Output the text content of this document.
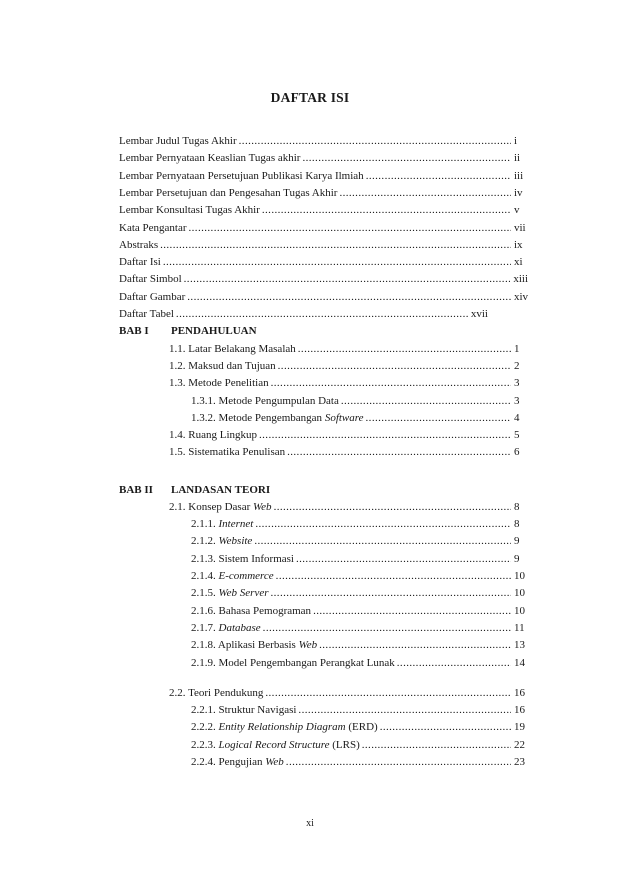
DAFTAR ISI
Lembar Judul Tugas Akhir .....	i
Lembar Pernyataan Keaslian Tugas akhir .....	ii
Lembar Pernyataan Persetujuan Publikasi Karya Ilmiah .....	iii
Lembar Persetujuan dan Pengesahan Tugas Akhir .....	iv
Lembar Konsultasi Tugas Akhir .....	v
Kata Pengantar .....	vii
Abstraks .....	ix
Daftar Isi .....	xi
Daftar Simbol .....	xiii
Daftar Gambar .....	xiv
Daftar Tabel .....	xvii
BAB I PENDAHULUAN
1.1. Latar Belakang Masalah .....	1
1.2. Maksud dan Tujuan .....	2
1.3. Metode Penelitian .....	3
1.3.1. Metode Pengumpulan Data .....	3
1.3.2. Metode Pengembangan Software .....	4
1.4. Ruang Lingkup .....	5
1.5. Sistematika Penulisan .....	6
BAB II LANDASAN TEORI
2.1. Konsep Dasar Web .....	8
2.1.1. Internet .....	8
2.1.2. Website .....	9
2.1.3. Sistem Informasi .....	9
2.1.4. E-commerce .....	10
2.1.5. Web Server .....	10
2.1.6. Bahasa Pemograman .....	10
2.1.7. Database .....	11
2.1.8. Aplikasi Berbasis Web .....	13
2.1.9. Model Pengembangan Perangkat Lunak .....	14
2.2. Teori Pendukung .....	16
2.2.1. Struktur Navigasi .....	16
2.2.2. Entity Relationship Diagram (ERD) .....	19
2.2.3. Logical Record Structure (LRS) .....	22
2.2.4. Pengujian Web .....	23
xi
